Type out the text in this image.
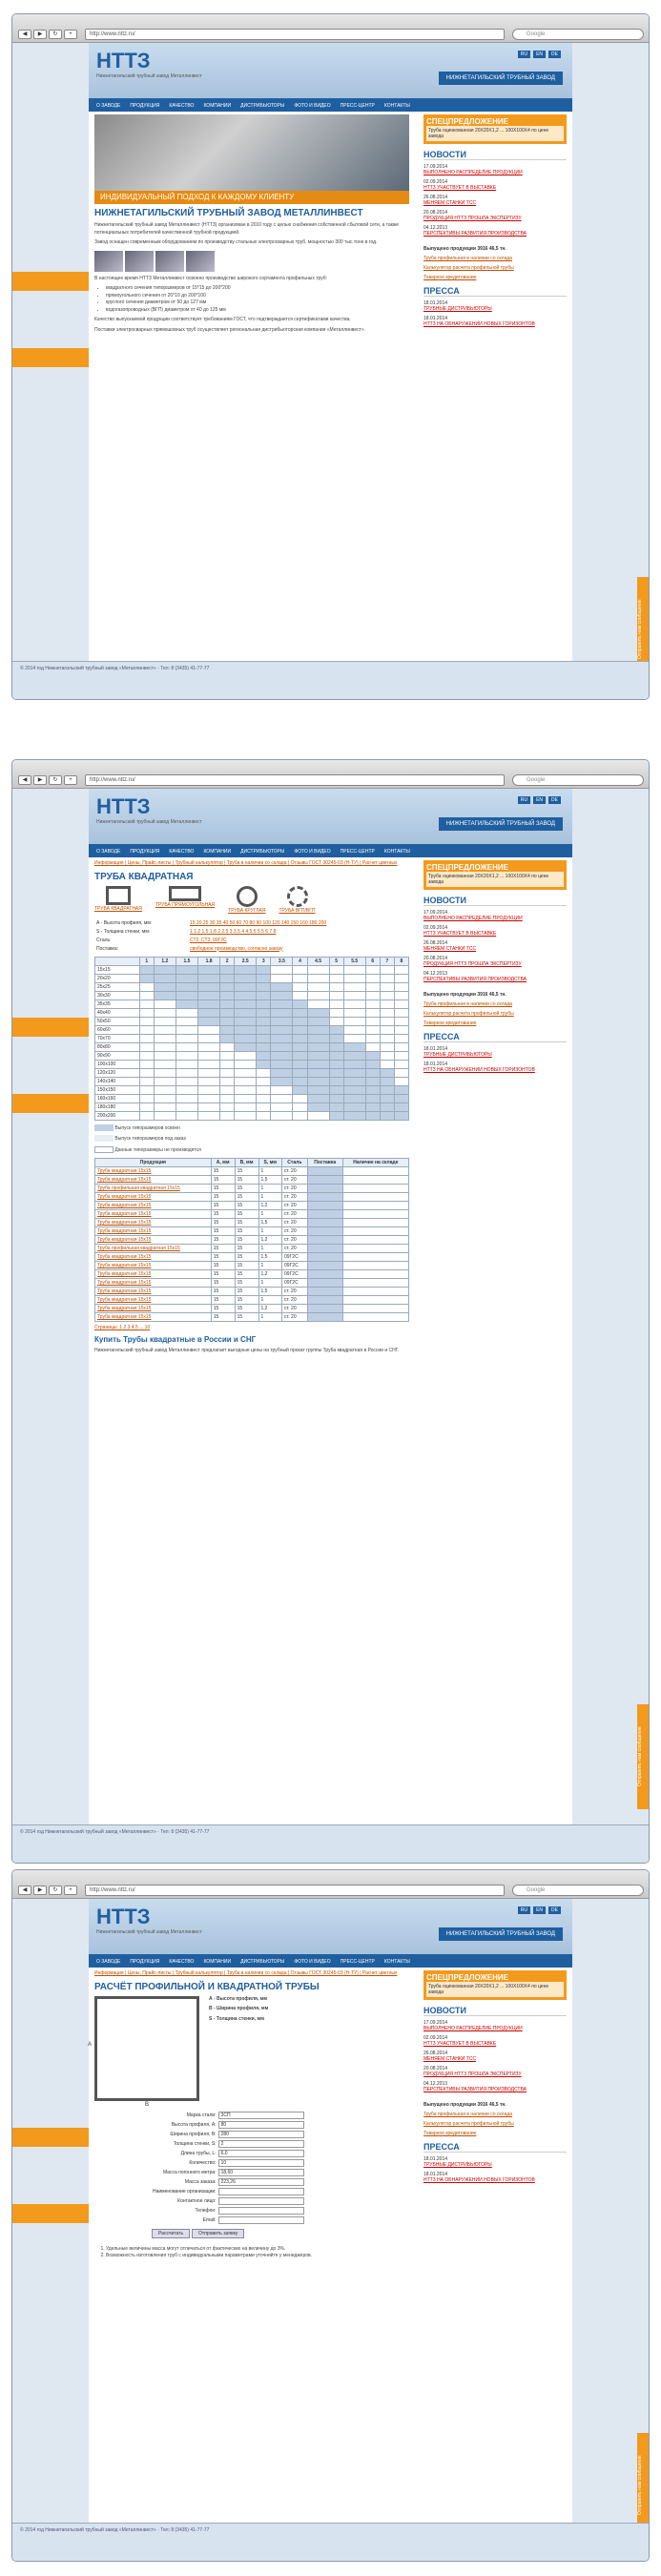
◀	▶	↻	+	http://www.nttz.ru/	Google
Отправить нам сообщение
НТТЗ
Нижнетагильский трубный завод Металлинвест
RU	EN	DE
НИЖНЕТАГИЛЬСКИЙ ТРУБНЫЙ ЗАВОД
О ЗАВОДЕ ПРОДУКЦИЯ КАЧЕСТВО КОМПАНИИ ДИСТРИБЬЮТОРЫ ФОТО И ВИДЕО ПРЕСС-ЦЕНТР КОНТАКТЫ
ИНДИВИДУАЛЬНЫЙ ПОДХОД К КАЖДОМУ КЛИЕНТУ
НИЖНЕТАГИЛЬСКИЙ ТРУБНЫЙ ЗАВОД МЕТАЛЛИНВЕСТ

Нижнетагильский трубный завод Металлинвест (НТТЗ) организован в 2010 году с целью снабжения собственной сбытовой сети, а также потенциальных потребителей качественной трубной продукцией.

Завод оснащен современным оборудованием по производству стальных электросварных труб, мощностью 300 тыс.тонн в год.

В настоящее время НТТЗ Металлинвест освоено производство широкого сортамента профильных труб:

• квадратного сечения типоразмеров от 15*15 до 200*200
• прямоугольного сечения от 20*10 до 200*100
• круглого сечения диаметром от 50 до 127 мм
• водогазопроводных (ВГП) диаметром от 40 до 125 мм

Качество выпускаемой продукции соответствует требованиям ГОСТ, что подтверждается сертификатами качества.

Поставки электросварных прямошовных труб осуществляет региональная дистрибьюторская компания «Металлинвест».

СПЕЦПРЕДЛОЖЕНИЕ

Труба оцинкованная 20Х20Х1,2 ... 100Х100Х4 по цене завода

НОВОСТИ
17.09.2014
ВЫПОЛНЕНО РАСПРЕДЕЛИЕ ПРОДУКЦИИ
02.09.2014
НТТЗ УЧАСТВУЕТ В ВЫСТАВКЕ
26.08.2014
МЕНЯЕМ СТАНКИ ТСС
20.08.2014
ПРОДУКЦИЯ НТТЗ ПРОШЛА ЭКСПЕРТИЗУ
04.12.2013
ПЕРСПЕКТИВЫ РАЗВИТИЯ ПРОИЗВОДСТВА
Выпущено продукции 3916 46,5 тн.
Труба профильная в наличии со склада
Калькулятор расчета профильной трубы
Товарное кредитование
ПРЕССА
18.01.2014
ТРУБНЫЕ ДИСТРИБЬЮТОРЫ
18.01.2014
НТТЗ НА ОБНАРУЖЕНИИ НОВЫХ ГОРИЗОНТОВ
© 2014 год Нижнетагильский трубный завод «Металлинвест» · Тел: 8 (3435) 41-77-77
◀	▶	↻	+	http://www.nttz.ru/	Google
Отправить нам сообщение
НТТЗ
Нижнетагильский трубный завод Металлинвест
RU	EN	DE
НИЖНЕТАГИЛЬСКИЙ ТРУБНЫЙ ЗАВОД
О ЗАВОДЕ ПРОДУКЦИЯ КАЧЕСТВО КОМПАНИИ ДИСТРИБЬЮТОРЫ ФОТО И ВИДЕО ПРЕСС-ЦЕНТР КОНТАКТЫ

Информация | Цены, Прайс-листы | Трубный калькулятор | Труба в наличии со склада | Отзывы ГОСТ 30245-03 (Н-ТУ) | Расчет цветных

ТРУБА КВАДРАТНАЯ
ТРУБА КВАДРАТНАЯ
ТРУБА ПРЯМОУГОЛЬНАЯ
ТРУБА КРУГЛАЯ	ТРУБА ВГП/ВГП
А - Высота профиля, мм:	15 20 25 30 35 40 50 60 70 80 90 100 120 140 150 160 180 200
S - Толщина стенки, мм:	1 1.2 1.5 1.8 2 2.5 3 3.5 4 4.5 5 5.5 6 7 8
Сталь:	СТ2, СТ3, 09Г2С
Поставка:	свободное производство, согласно заказу
	1	1.2	1.5	1.8	2	2.5	3	3.5	4	4.5	5	5.5	6	7	8
15x15															
20x20															
25x25															
30x30															
35x35															
40x40															
50x50															
60x60															
70x70															
80x80															
90x90															
100x100															
120x120															
140x140															
150x150															
160x160															
180x180															
200x200															
Выпуск типоразмеров освоен
Выпуск типоразмеров под заказ
Данные типоразмеры не производятся
Продукция	А, мм	В, мм	S, мм	Сталь	Поставка	Наличие на складе
Труба квадратная 15x15	15	15	1	ст. 20		
Труба квадратная 15x15	15	15	1,5	ст. 20		
Труба профильная квадратная 15x15	15	15	1	ст. 20		
Труба квадратная 15x15	15	15	1	ст. 20		
Труба квадратная 15x15	15	15	1,2	ст. 20		
Труба квадратная 15x15	15	15	1	ст. 20		
Труба квадратная 15x15	15	15	1,5	ст. 20		
Труба квадратная 15x15	15	15	1	ст. 20		
Труба квадратная 15x15	15	15	1,2	ст. 20		
Труба профильная квадратная 15x15	15	15	1	ст. 20		
Труба квадратная 15x15	15	15	1,5	09Г2С		
Труба квадратная 15x15	15	15	1	09Г2С		
Труба квадратная 15x15	15	15	1,2	09Г2С		
Труба квадратная 15x15	15	15	1	09Г2С		
Труба квадратная 15x15	15	15	1,5	ст. 20		
Труба квадратная 15x15	15	15	1	ст. 20		
Труба квадратная 15x15	15	15	1,2	ст. 20		
Труба квадратная 15x15	15	15	1	ст. 20		

Страницы: 1 2 3 4 5 ... 10

Купить Трубы квадратные в России и СНГ

Нижнетагильский трубный завод Металлинвест предлагает выгодные цены на трубный прокат группы Труба квадратная в России и СНГ.

СПЕЦПРЕДЛОЖЕНИЕ

Труба оцинкованная 20Х20Х1,2 ... 100Х100Х4 по цене завода

НОВОСТИ
17.09.2014
ВЫПОЛНЕНО РАСПРЕДЕЛИЕ ПРОДУКЦИИ
02.09.2014
НТТЗ УЧАСТВУЕТ В ВЫСТАВКЕ
26.08.2014
МЕНЯЕМ СТАНКИ ТСС
20.08.2014
ПРОДУКЦИЯ НТТЗ ПРОШЛА ЭКСПЕРТИЗУ
04.12.2013
ПЕРСПЕКТИВЫ РАЗВИТИЯ ПРОИЗВОДСТВА
Выпущено продукции 3916 46,5 тн.
Труба профильная в наличии со склада
Калькулятор расчета профильной трубы
Товарное кредитование
ПРЕССА
18.01.2014
ТРУБНЫЕ ДИСТРИБЬЮТОРЫ
18.01.2014
НТТЗ НА ОБНАРУЖЕНИИ НОВЫХ ГОРИЗОНТОВ
© 2014 год Нижнетагильский трубный завод «Металлинвест» · Тел: 8 (3435) 41-77-77
◀	▶	↻	+	http://www.nttz.ru/	Google
Отправить нам сообщение
НТТЗ
Нижнетагильский трубный завод Металлинвест
RU	EN	DE
НИЖНЕТАГИЛЬСКИЙ ТРУБНЫЙ ЗАВОД
О ЗАВОДЕ ПРОДУКЦИЯ КАЧЕСТВО КОМПАНИИ ДИСТРИБЬЮТОРЫ ФОТО И ВИДЕО ПРЕСС-ЦЕНТР КОНТАКТЫ

Информация | Цены, Прайс-листы | Трубный калькулятор | Труба в наличии со склада | Отзывы ГОСТ 30245-03 (Н-ТУ) | Расчет цветных

РАСЧЁТ ПРОФИЛЬНОЙ И КВАДРАТНОЙ ТРУБЫ
A
B
А - Высота профиля, мм
В - Ширина профиля, мм
S - Толщина стенки, мм
Марка стали:	3СП

Высота профиля, А:	80

Ширина профиля, В:	280

Толщина стенки, S:	2

Длина трубы, L:	6,0

Количество:	10

Масса погонного метра:	18,60

Масса заказа:	223,26

Наименование организации:	

Контактное лицо:	

Телефон:	

Email:	
Рассчитать	Отправить заявку
1. Удельные величины масса могут отличаться от фактических на величину до 3%.
2. Возможность изготовления труб с индивидуальными параметрами уточняйте у менеджеров.
СПЕЦПРЕДЛОЖЕНИЕ

Труба оцинкованная 20Х20Х1,2 ... 100Х100Х4 по цене завода

НОВОСТИ
17.09.2014
ВЫПОЛНЕНО РАСПРЕДЕЛИЕ ПРОДУКЦИИ
02.09.2014
НТТЗ УЧАСТВУЕТ В ВЫСТАВКЕ
26.08.2014
МЕНЯЕМ СТАНКИ ТСС
20.08.2014
ПРОДУКЦИЯ НТТЗ ПРОШЛА ЭКСПЕРТИЗУ
04.12.2013
ПЕРСПЕКТИВЫ РАЗВИТИЯ ПРОИЗВОДСТВА
Выпущено продукции 3916 46,5 тн.
Труба профильная в наличии со склада
Калькулятор расчета профильной трубы
Товарное кредитование
ПРЕССА
18.01.2014
ТРУБНЫЕ ДИСТРИБЬЮТОРЫ
18.01.2014
НТТЗ НА ОБНАРУЖЕНИИ НОВЫХ ГОРИЗОНТОВ
© 2014 год Нижнетагильский трубный завод «Металлинвест» · Тел: 8 (3435) 41-77-77
